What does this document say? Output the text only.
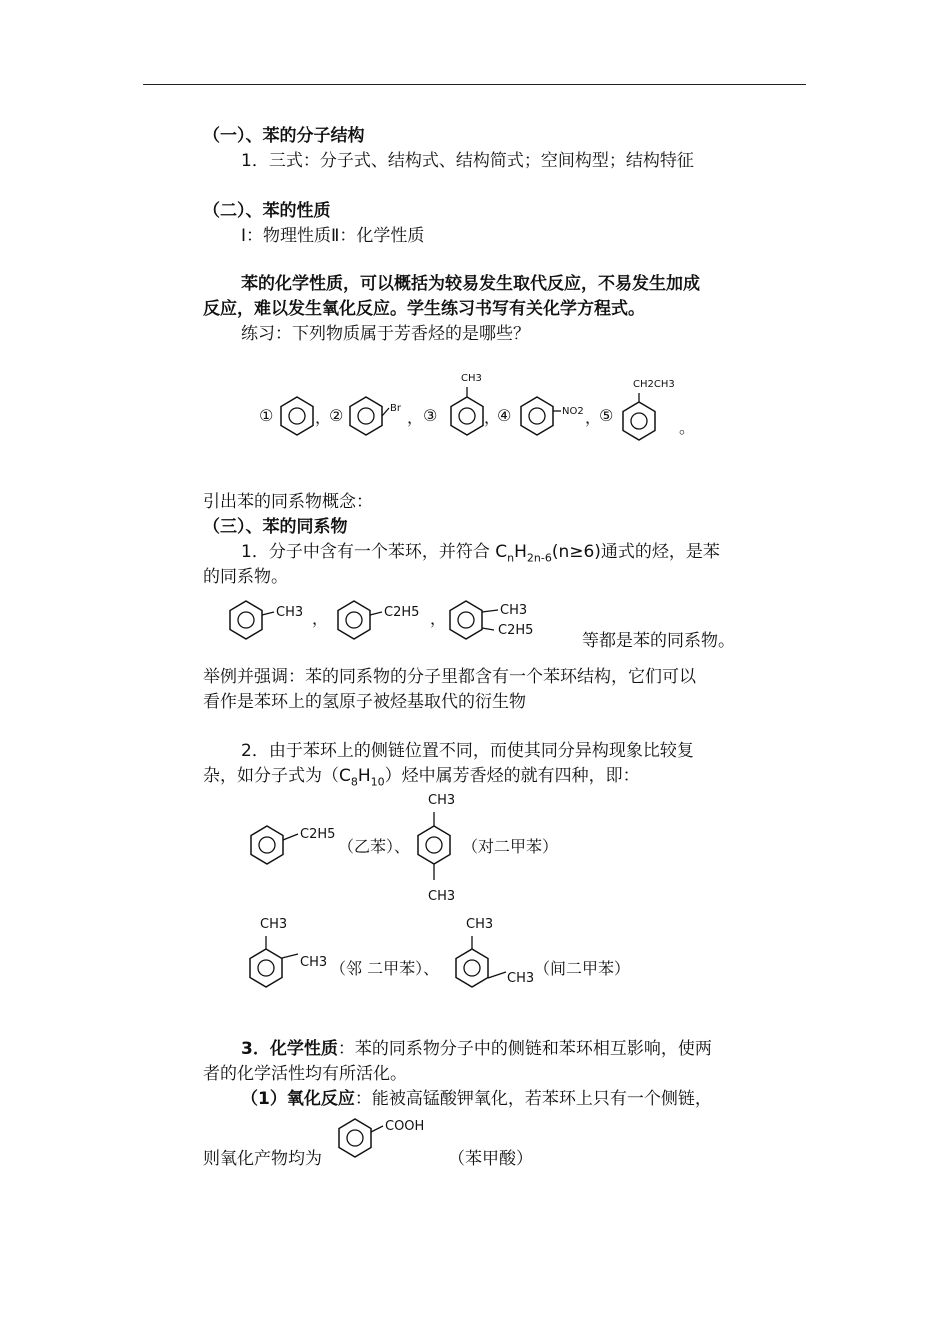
（一）、苯的分子结构
1．三式：分子式、结构式、结构简式；空间构型；结构特征
（二）、苯的性质
Ⅰ：物理性质Ⅱ：化学性质
苯的化学性质，可以概括为较易发生取代反应，不易发生加成
反应，难以发生氧化反应。学生练习书写有关化学方程式。
练习：下列物质属于芳香烃的是哪些？
①	，
②	Br ， ③
CH3
，
④	NO2 ，
⑤
CH2CH3
。
引出苯的同系物概念：
（三）、苯的同系物
1．分子中含有一个苯环，并符合 $C_nH_{2n-6}(n\ge 6)$通式的烃，是苯
的同系物。
CH3 ，	C2H5 ，	CH3
C2H5
等都是苯的同系物。
举例并强调：苯的同系物的分子里都含有一个苯环结构，它们可以
看作是苯环上的氢原子被烃基取代的衍生物
2．由于苯环上的侧链位置不同，而使其同分异构现象比较复
杂，如分子式为$(C_8H_{10})$烃中属芳香烃的就有四种，即：
C2H5
（乙苯）、
CH3
CH3
（对二甲苯）
CH3
CH3 （邻 二甲苯）、
CH3
CH3
（间二甲苯）
3．化学性质：苯的同系物分子中的侧链和苯环相互影响，使两
者的化学活性均有所活化。
（1）氧化反应：能被高锰酸钾氧化，若苯环上只有一个侧链，
COOH
则氧化产物均为	（苯甲酸）
